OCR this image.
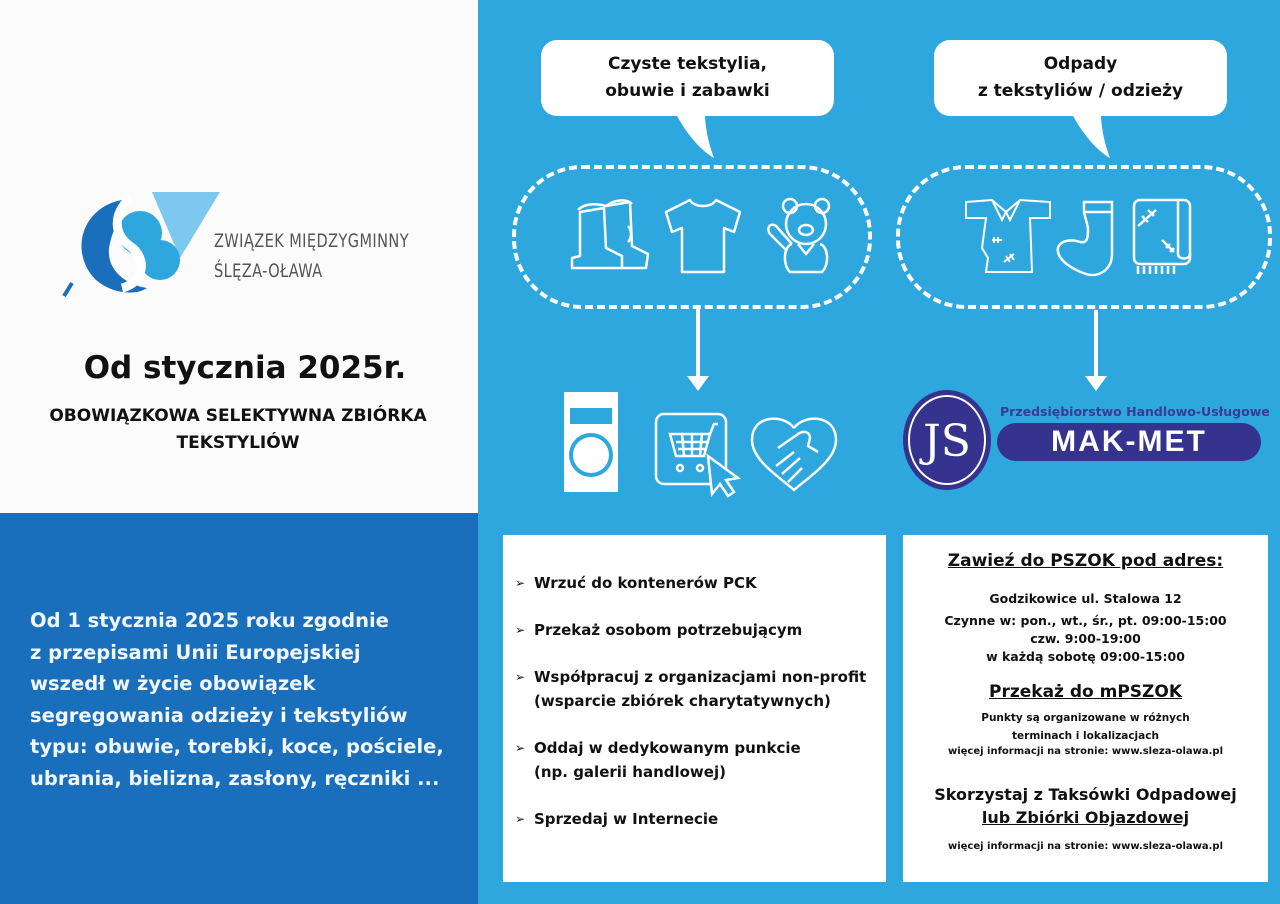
ZWIĄZEK MIĘDZYGMINNY
ŚLĘZA-OŁAWA
Od stycznia 2025r.
OBOWIĄZKOWA SELEKTYWNA ZBIÓRKA
TEKSTYLIÓW
Od 1 stycznia 2025 roku zgodnie
z przepisami Unii Europejskiej
wszedł w życie obowiązek
segregowania odzieży i tekstyliów
typu: obuwie, torebki, koce, pościele,
ubrania, bielizna, zasłony, ręczniki ...
Czyste tekstylia,
obuwie i zabawki
Odpady
z tekstyliów / odzieży
JS
Przedsiębiorstwo Handlowo-Usługowe
MAK-MET
➢ Wrzuć do kontenerów PCK
➢ Przekaż osobom potrzebującym
➢ Współpracuj z organizacjami non-profit
(wsparcie zbiórek charytatywnych)
➢ Oddaj w dedykowanym punkcie
(np. galerii handlowej)
➢ Sprzedaj w Internecie
Zawieź do PSZOK pod adres:
Godzikowice ul. Stalowa 12
Czynne w: pon., wt., śr., pt. 09:00-15:00
czw. 9:00-19:00
w każdą sobotę 09:00-15:00
Przekaż do mPSZOK
Punkty są organizowane w różnych
terminach i lokalizacjach
więcej informacji na stronie: www.sleza-olawa.pl
Skorzystaj z Taksówki Odpadowej
lub Zbiórki Objazdowej
więcej informacji na stronie: www.sleza-olawa.pl
